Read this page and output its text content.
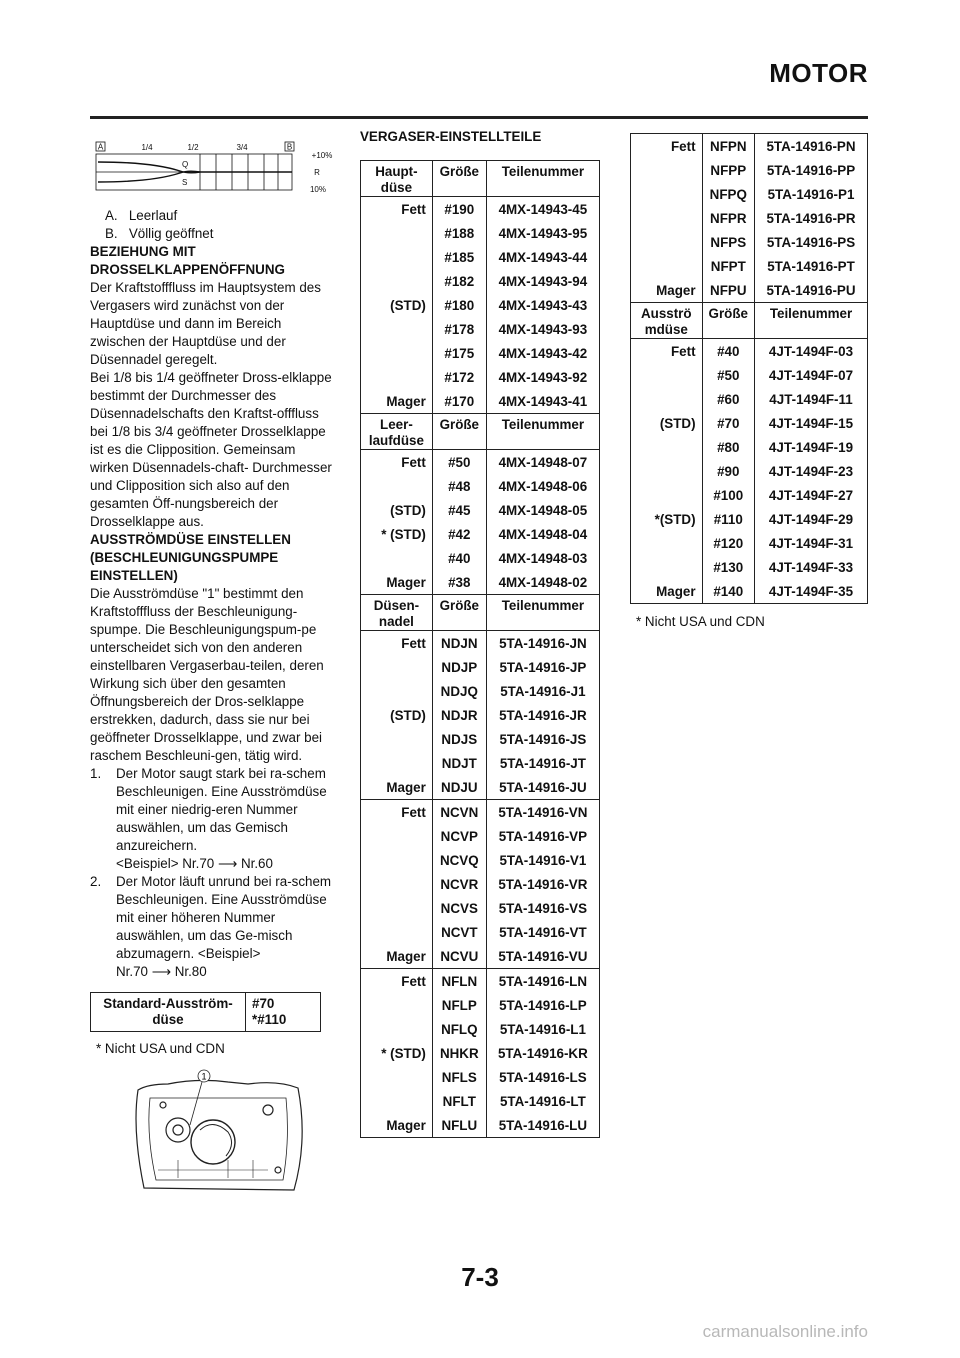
MOTOR
A	B
1/4	1/2	3/4
+10%
R
10%
Q
S
A.   Leerlauf
B.   Völlig geöffnet

BEZIEHUNG MIT
DROSSELKLAPPENÖFFNUNG

Der Kraftstofffluss im Hauptsystem des Vergasers wird zunächst von der Hauptdüse und dann im Bereich zwischen der Hauptdüse und der Düsennadel geregelt.

Bei 1/8 bis 1/4 geöffneter Dross-elklappe bestimmt der Durchmesser des Düsennadelschafts den Kraftst-offfluss bei 1/8 bis 3/4 geöffneter Drosselklappe ist es die Clipposition. Gemeinsam wirken Düsennadels-chaft- Durchmesser und Clipposition sich also auf den gesamten Öff-nungsbereich der Drosselklappe aus.

AUSSTRÖMDÜSE EINSTELLEN
(BESCHLEUNIGUNGSPUMPE
EINSTELLEN)

Die Ausströmdüse "1" bestimmt den Kraftstofffluss der Beschleunigung-spumpe. Die Beschleunigungspum-pe unterscheidet sich von den anderen einstellbaren Vergaserbau-teilen, deren Wirkung sich über den gesamten Öffnungsbereich der Dros-selklappe erstrekken, dadurch, dass sie nur bei geöffneter Drosselklappe, und zwar bei raschem Beschleuni-gen, tätig wird.

1. Der Motor saugt stark bei ra-schem Beschleunigen. Eine Ausströmdüse mit einer niedrig-eren Nummer auswählen, um das Gemisch anzureichern.
<Beispiel> Nr.70 ⟶ Nr.60
2. Der Motor läuft unrund bei ra-schem Beschleunigen. Eine Ausströmdüse mit einer höheren Nummer auswählen, um das Ge-misch abzumagern. <Beispiel>
Nr.70 ⟶ Nr.80
Standard-Ausström-
düse	#70
*#110
* Nicht USA und CDN
1
VERGASER-EINSTELLTEILE
Haupt-
düse	Größe	Teilenummer
Fett	#190	4MX-14943-45
	#188	4MX-14943-95
	#185	4MX-14943-44
	#182	4MX-14943-94
(STD)	#180	4MX-14943-43
	#178	4MX-14943-93
	#175	4MX-14943-42
	#172	4MX-14943-92
Mager	#170	4MX-14943-41
Leer-
laufdüse	Größe	Teilenummer
Fett	#50	4MX-14948-07
	#48	4MX-14948-06
(STD)	#45	4MX-14948-05
* (STD)	#42	4MX-14948-04
	#40	4MX-14948-03
Mager	#38	4MX-14948-02
Düsen-
nadel	Größe	Teilenummer
Fett	NDJN	5TA-14916-JN
	NDJP	5TA-14916-JP
	NDJQ	5TA-14916-J1
(STD)	NDJR	5TA-14916-JR
	NDJS	5TA-14916-JS
	NDJT	5TA-14916-JT
Mager	NDJU	5TA-14916-JU
Fett	NCVN	5TA-14916-VN
	NCVP	5TA-14916-VP
	NCVQ	5TA-14916-V1
	NCVR	5TA-14916-VR
	NCVS	5TA-14916-VS
	NCVT	5TA-14916-VT
Mager	NCVU	5TA-14916-VU
Fett	NFLN	5TA-14916-LN
	NFLP	5TA-14916-LP
	NFLQ	5TA-14916-L1
* (STD)	NHKR	5TA-14916-KR
	NFLS	5TA-14916-LS
	NFLT	5TA-14916-LT
Mager	NFLU	5TA-14916-LU
Fett	NFPN	5TA-14916-PN
	NFPP	5TA-14916-PP
	NFPQ	5TA-14916-P1
	NFPR	5TA-14916-PR
	NFPS	5TA-14916-PS
	NFPT	5TA-14916-PT
Mager	NFPU	5TA-14916-PU
Ausströ
mdüse	Größe	Teilenummer
Fett	#40	4JT-1494F-03
	#50	4JT-1494F-07
	#60	4JT-1494F-11
(STD)	#70	4JT-1494F-15
	#80	4JT-1494F-19
	#90	4JT-1494F-23
	#100	4JT-1494F-27
*(STD)	#110	4JT-1494F-29
	#120	4JT-1494F-31
	#130	4JT-1494F-33
Mager	#140	4JT-1494F-35
* Nicht USA und CDN
7-3
carmanualsonline.info
